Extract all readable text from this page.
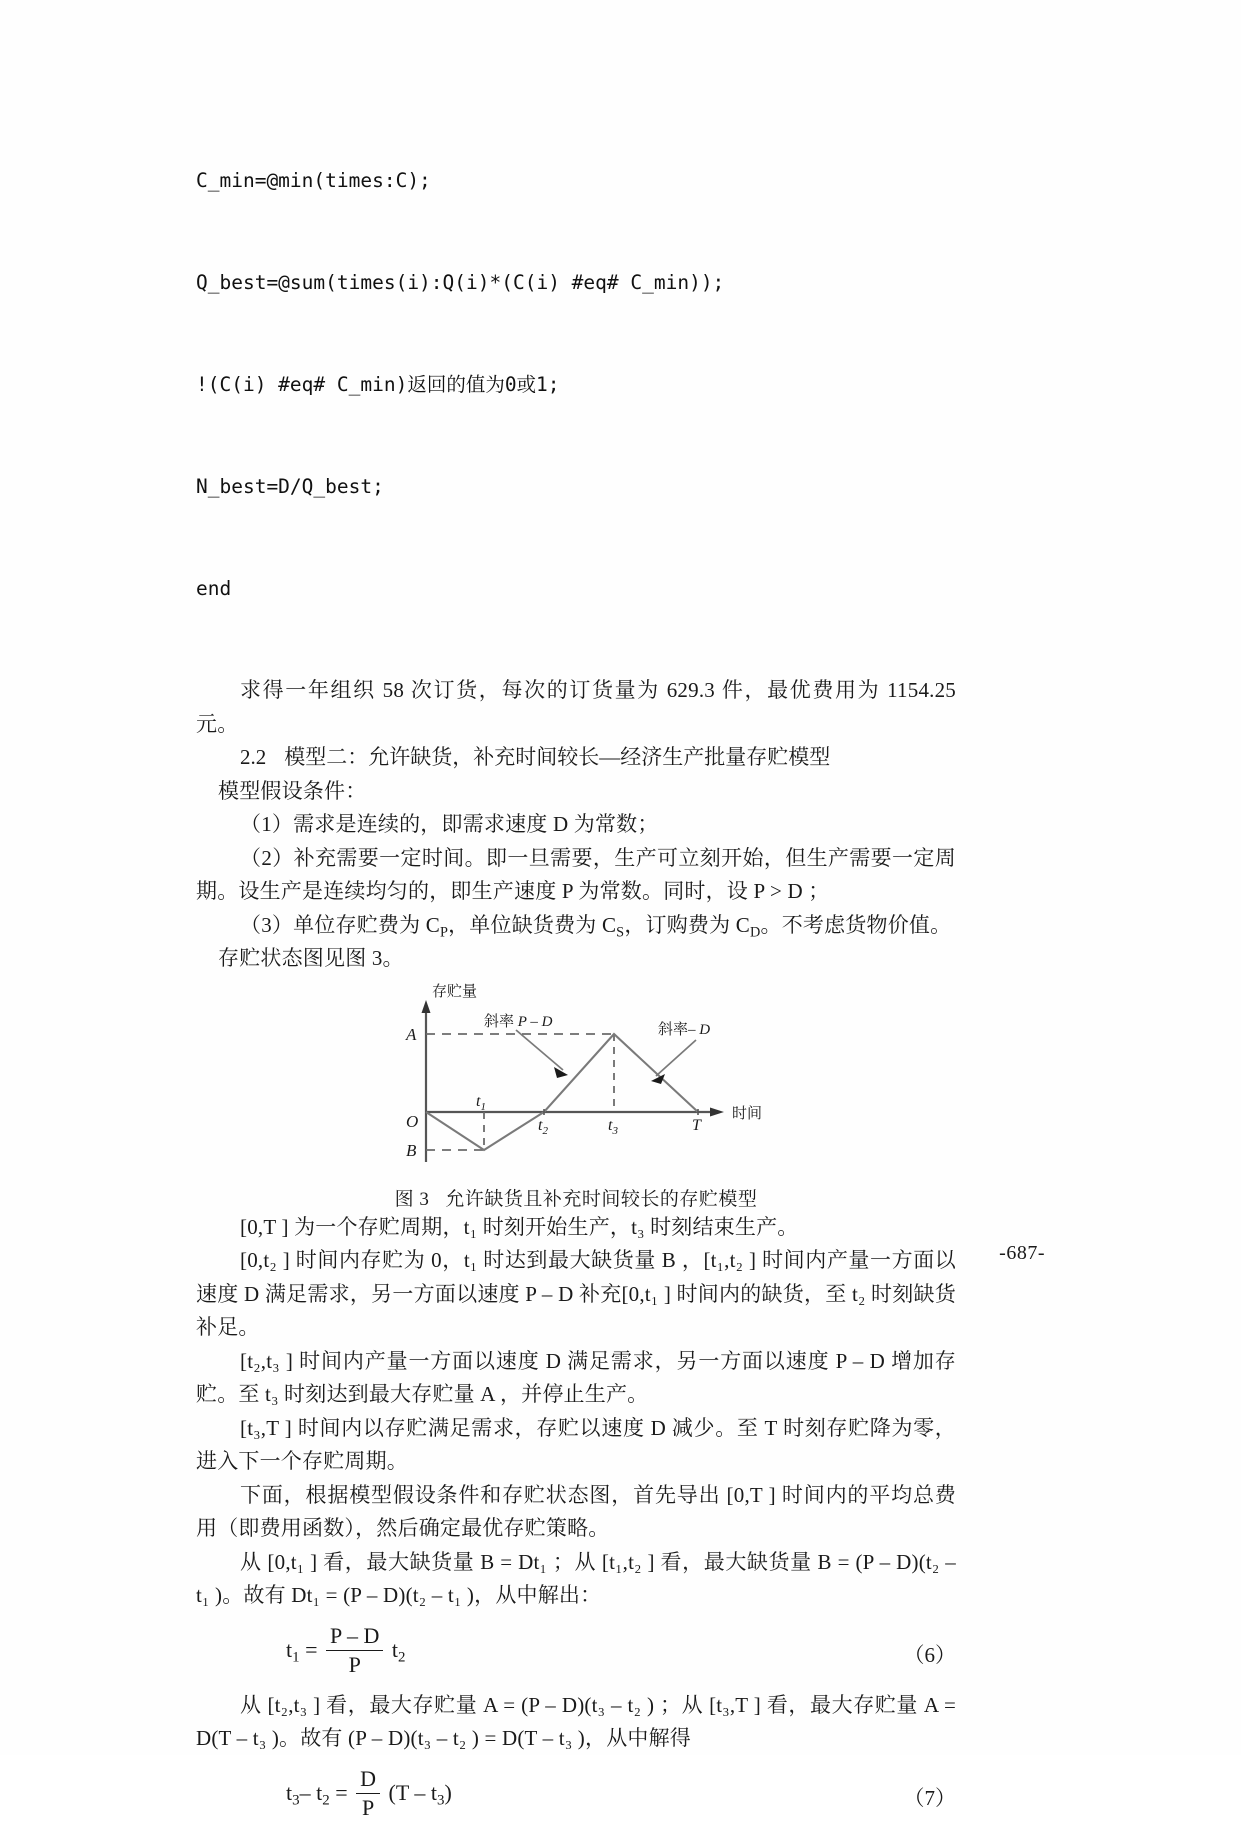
C_min=@min(times:C);

Q_best=@sum(times(i):Q(i)*(C(i) #eq# C_min));

!(C(i) #eq# C_min)返回的值为0或1;

N_best=D/Q_best;

end

求得一年组织 58 次订货，每次的订货量为 629.3 件，最优费用为 1154.25 元。

2.2 模型二：允许缺货，补充时间较长—经济生产批量存贮模型

模型假设条件：

（1）需求是连续的，即需求速度 D 为常数；

（2）补充需要一定时间。即一旦需要，生产可立刻开始，但生产需要一定周期。设生产是连续均匀的，即生产速度 P 为常数。同时，设 P > D ；

（3）单位存贮费为 $C_P$，单位缺货费为 $C_S$，订购费为 $C_D$。不考虑货物价值。

存贮状态图见图 3。

A
B
O
$t_1$
$t_2$	$t_3$	T
存贮量
时间
斜率 P – D	斜率– D
图 3 允许缺货且补充时间较长的存贮模型

[0,T ] 为一个存贮周期，t₁ 时刻开始生产，t₃ 时刻结束生产。

[0,t₂ ] 时间内存贮为 0，t₁ 时达到最大缺货量 B ，[t₁,t₂ ] 时间内产量一方面以速度 D 满足需求，另一方面以速度 P – D 补充[0,t₁ ] 时间内的缺货，至 t₂ 时刻缺货补足。

[t₂,t₃ ] 时间内产量一方面以速度 D 满足需求，另一方面以速度 P – D 增加存贮。至 t₃ 时刻达到最大存贮量 A ，并停止生产。

[t₃,T ] 时间内以存贮满足需求，存贮以速度 D 减少。至 T 时刻存贮降为零，进入下一个存贮周期。

下面，根据模型假设条件和存贮状态图，首先导出 [0,T ] 时间内的平均总费用（即费用函数），然后确定最优存贮策略。

从 [0,t₁ ] 看，最大缺货量 B = Dt₁ ；从 [t₁,t₂ ] 看，最大缺货量 B = (P – D)(t₂ – t₁ )。故有 Dt₁ = (P – D)(t₂ – t₁ )，从中解出：

$t_1 = \frac{P - D}{P} t_2$	（6）

从 [t₂,t₃ ] 看，最大存贮量 A = (P – D)(t₃ – t₂ ) ；从 [t₃,T ] 看，最大存贮量 A = D(T – t₃ )。故有 (P – D)(t₃ – t₂ ) = D(T – t₃ )，从中解得

$t_3-$ $t_2 = \frac{D}{P} (T - t_3)$	（7）
-687-
